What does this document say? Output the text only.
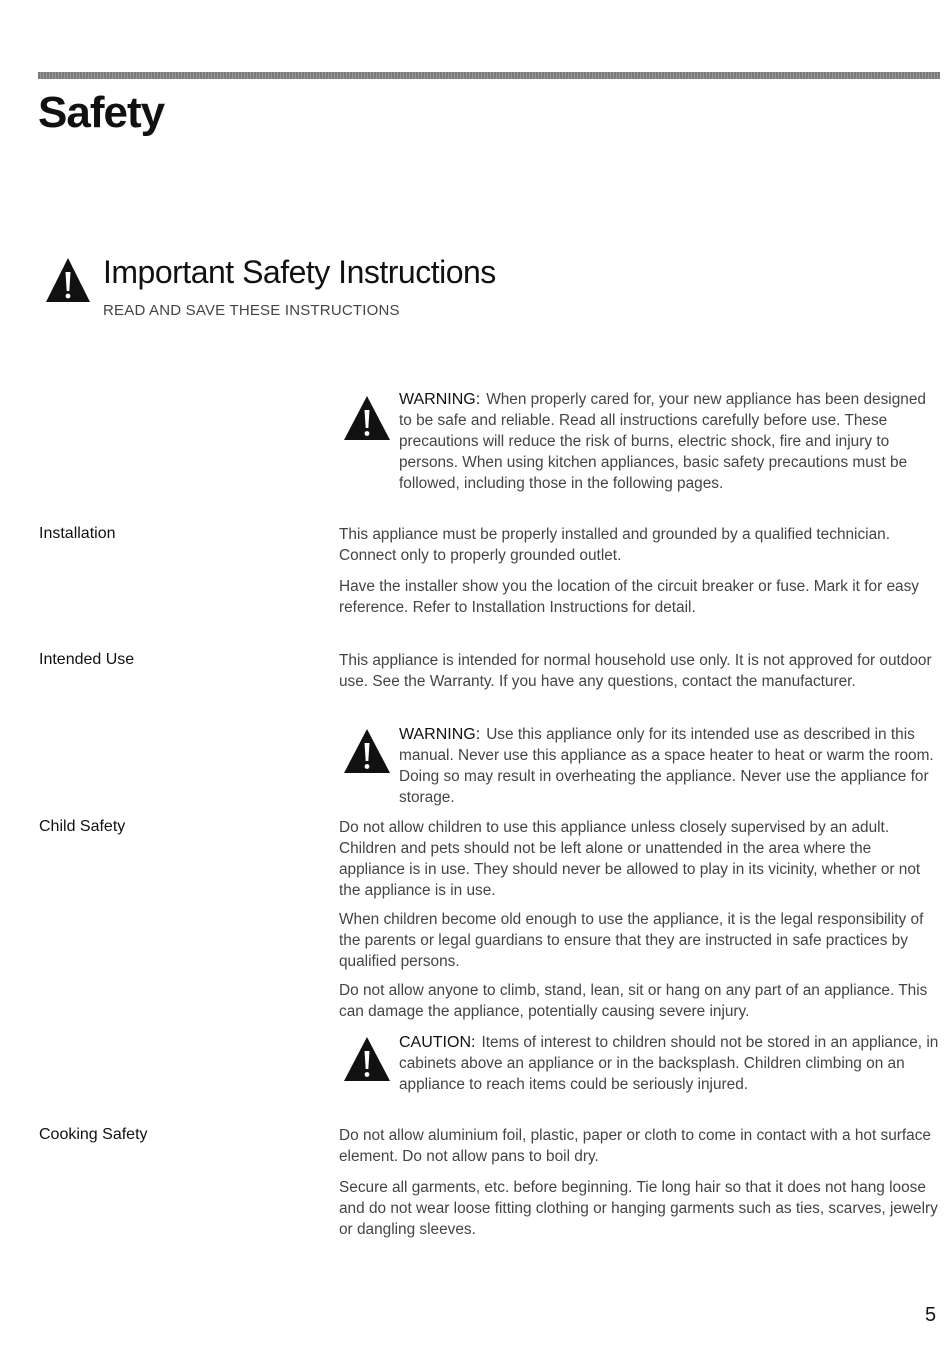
Safety
Important Safety Instructions
READ AND SAVE THESE INSTRUCTIONS

WARNING: When properly cared for, your new appliance has been designed to be safe and reliable. Read all instructions carefully before use. These precautions will reduce the risk of burns, electric shock, fire and injury to persons. When using kitchen appliances, basic safety precautions must be followed, including those in the following pages.

Installation	This appliance must be properly installed and grounded by a qualified technician. Connect only to properly grounded outlet.

Have the installer show you the location of the circuit breaker or fuse. Mark it for easy reference. Refer to Installation Instructions for detail.

Intended Use	This appliance is intended for normal household use only. It is not approved for outdoor use. See the Warranty. If you have any questions, contact the manufacturer.

WARNING: Use this appliance only for its intended use as described in this manual. Never use this appliance as a space heater to heat or warm the room. Doing so may result in overheating the appliance. Never use the appliance for storage.

Child Safety	Do not allow children to use this appliance unless closely supervised by an adult. Children and pets should not be left alone or unattended in the area where the appliance is in use. They should never be allowed to play in its vicinity, whether or not the appliance is in use.

When children become old enough to use the appliance, it is the legal responsibility of the parents or legal guardians to ensure that they are instructed in safe practices by qualified persons.

Do not allow anyone to climb, stand, lean, sit or hang on any part of an appliance. This can damage the appliance, potentially causing severe injury.

CAUTION: Items of interest to children should not be stored in an appliance, in cabinets above an appliance or in the backsplash. Children climbing on an appliance to reach items could be seriously injured.

Cooking Safety	Do not allow aluminium foil, plastic, paper or cloth to come in contact with a hot surface element. Do not allow pans to boil dry.

Secure all garments, etc. before beginning. Tie long hair so that it does not hang loose and do not wear loose fitting clothing or hanging garments such as ties, scarves, jewelry or dangling sleeves.

5
